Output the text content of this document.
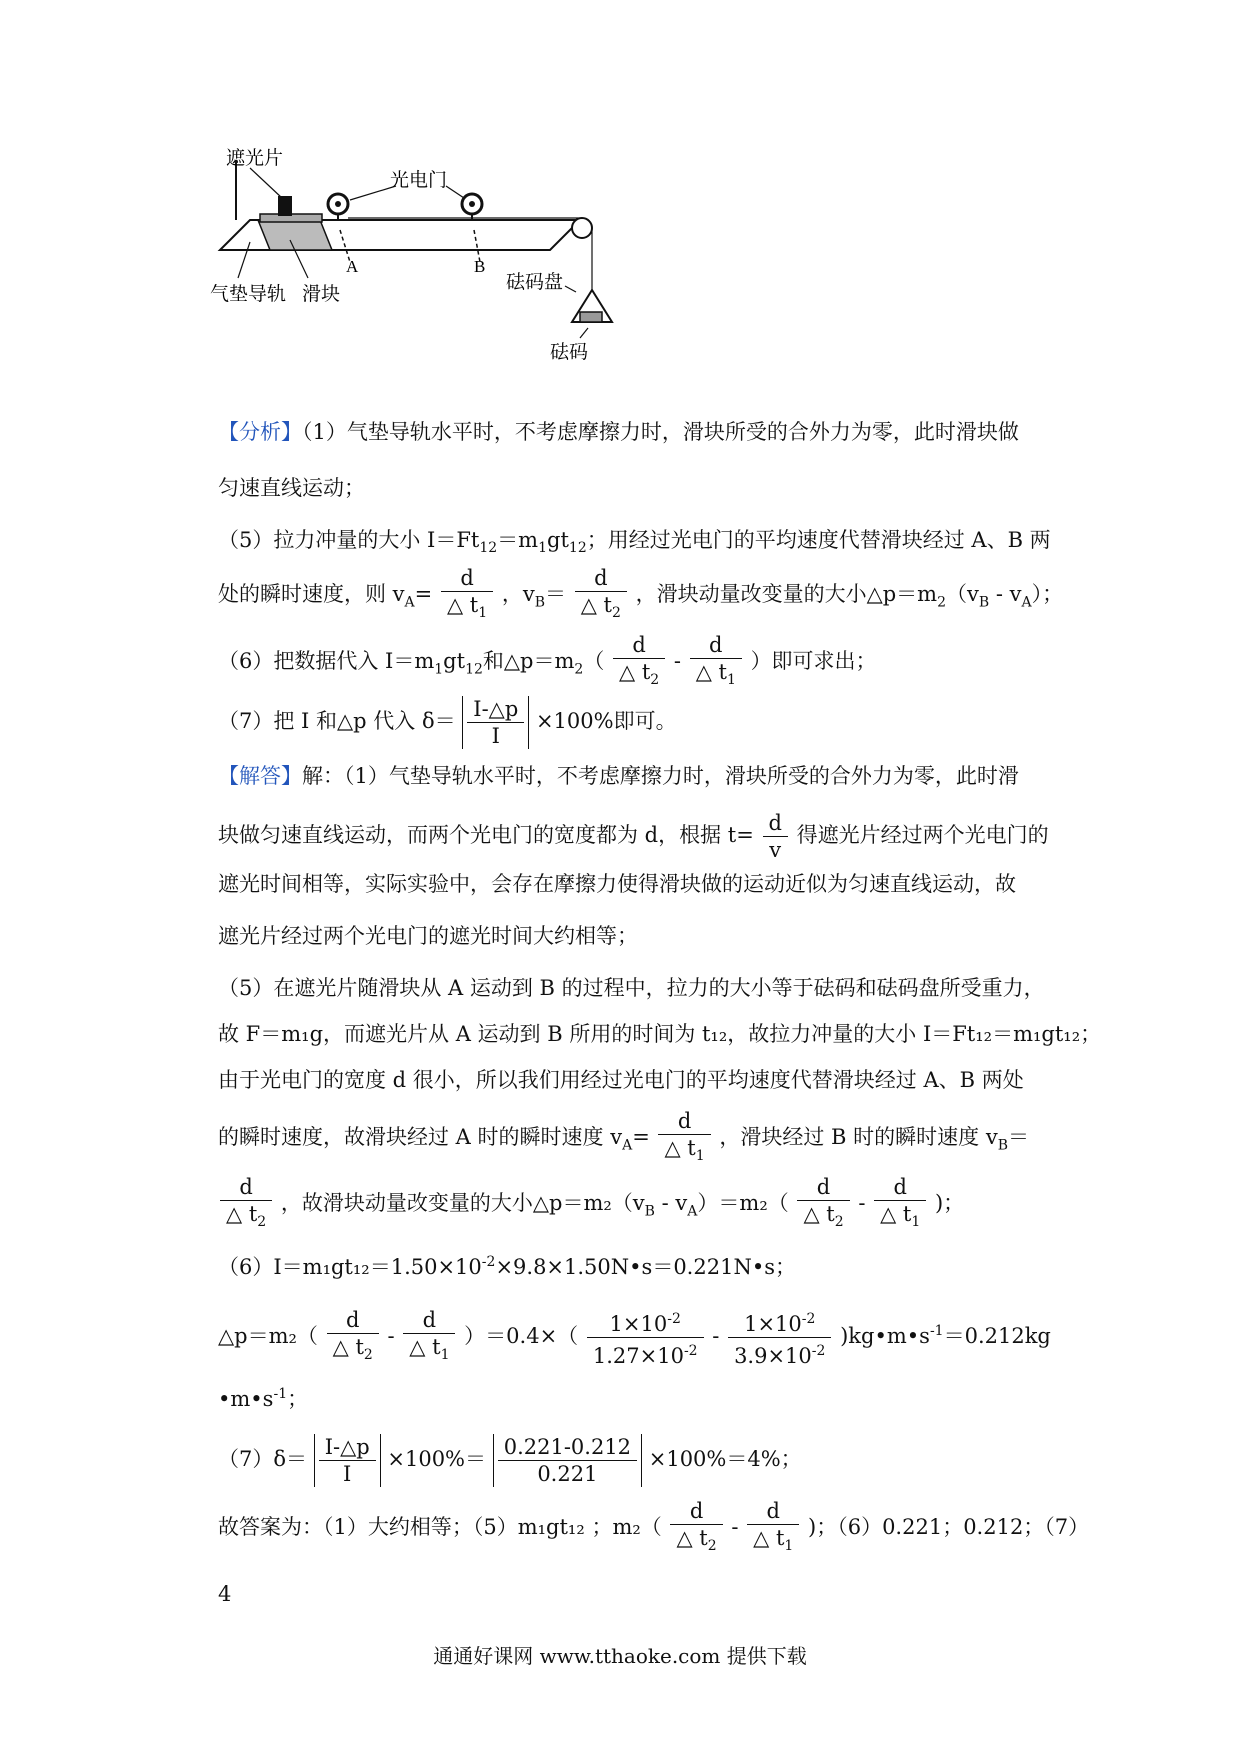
遮光片
光电门
A	B
气垫导轨 滑块
砝码盘
砝码
【分析】（1）气垫导轨水平时，不考虑摩擦力时，滑块所受的合外力为零，此时滑块做
匀速直线运动；
（5）拉力冲量的大小 $I=Ft_{12}=m_1gt_{12}$；用经过光电门的平均速度代替滑块经过 A、B 两
处的瞬时速度，则 $v_A= \frac{d}{\triangle t_1}$ ，$v_B= \frac{d}{\triangle t_2}$ ，滑块动量改变量的大小$\triangle p=m_2(v_B - v_A)$；
（6）把数据代入 $I=m_1gt_{12}$和$\triangle p=m_2( \frac{d}{\triangle t_2} - \frac{d}{\triangle t_1}$ ）即可求出；
（7）把 I 和△p 代入 $\delta= \frac{I-\triangle p}{I} \times 100\%$即可。
【解答】解：（1）气垫导轨水平时，不考虑摩擦力时，滑块所受的合外力为零，此时滑
块做匀速直线运动，而两个光电门的宽度都为 d，根据 $t= \frac{d}{v}$ 得遮光片经过两个光电门的
遮光时间相等，实际实验中，会存在摩擦力使得滑块做的运动近似为匀速直线运动，故
遮光片经过两个光电门的遮光时间大约相等；
（5）在遮光片随滑块从 A 运动到 B 的过程中，拉力的大小等于砝码和砝码盘所受重力，
故 F＝m₁g，而遮光片从 A 运动到 B 所用的时间为 t₁₂，故拉力冲量的大小 I＝Ft₁₂＝m₁gt₁₂；
由于光电门的宽度 d 很小，所以我们用经过光电门的平均速度代替滑块经过 A、B 两处
的瞬时速度，故滑块经过 A 时的瞬时速度 $v_A= \frac{d}{\triangle t_1}$ ，滑块经过 B 时的瞬时速度 $v_B=$
$\frac{d}{\triangle t_2}$ ，故滑块动量改变量的大小$\triangle p=m_2(v_B - v_A)=m_2( \frac{d}{\triangle t_2} - \frac{d}{\triangle t_1}$ )；
$(6)I=m_1gt_{12}=1.50\times 10^{-2}\times 9.8\times 1.50N•s=0.221N•s$；
△p＝m₂（ $\frac{d}{\triangle t_2} - \frac{d}{\triangle t_1} )=0.4\times( \frac{1\times 10^{-2}}{1.27\times 10^{-2}} - \frac{1\times 10^{-2}}{3.9\times 10^{-2}}$ )$kg•m•s^{-1}=0.212kg$
$•m•s^{-1}$；
$(7)\delta= \frac{I-\triangle p}{I} \times 100\%= \frac{0.221-0.212}{0.221} \times 100\%=4\%$；
故答案为：（1）大约相等；（5）m₁gt₁₂ ；$m_2( \frac{d}{\triangle t_2} - \frac{d}{\triangle t_1}$ )；（6）0.221；0.212；（7）
4
通通好课网 www.tthaoke.com 提供下载
